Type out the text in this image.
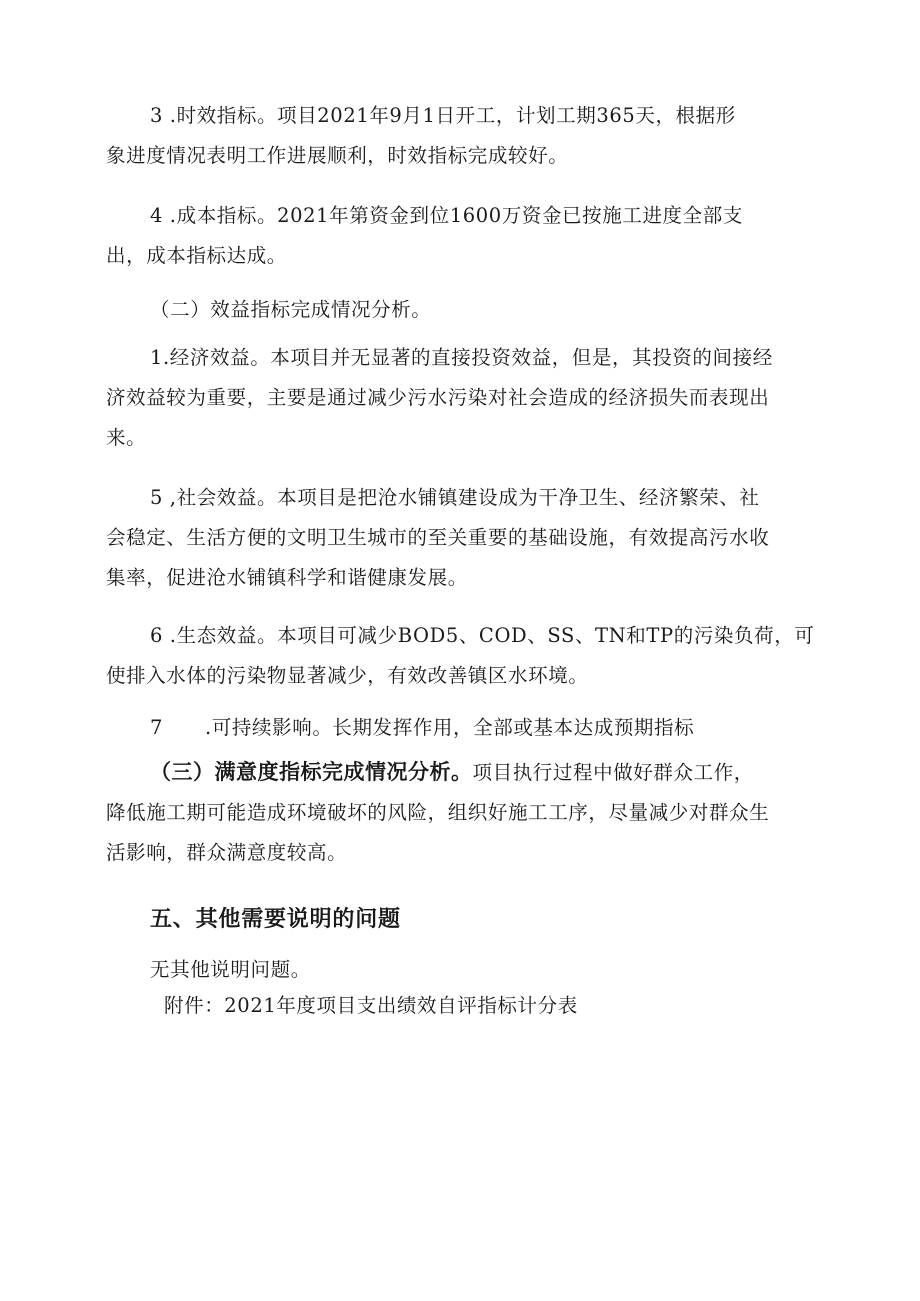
3 .时效指标。项目2021年9月1日开工，计划工期365天，根据形
象进度情况表明工作进展顺利，时效指标完成较好。

4 .成本指标。2021年第资金到位1600万资金已按施工进度全部支
出，成本指标达成。

（二）效益指标完成情况分析。

1.经济效益。本项目并无显著的直接投资效益，但是，其投资的间接经
济效益较为重要，主要是通过减少污水污染对社会造成的经济损失而表现出
来。

5 ,社会效益。本项目是把沧水铺镇建设成为干净卫生、经济繁荣、社
会稳定、生活方便的文明卫生城市的至关重要的基础设施，有效提高污水收
集率，促进沧水铺镇科学和谐健康发展。

6 .生态效益。本项目可减少BOD5、COD、SS、TN和TP的污染负荷，可
使排入水体的污染物显著减少，有效改善镇区水环境。

7 .可持续影响。长期发挥作用，全部或基本达成预期指标

（三）满意度指标完成情况分析。项目执行过程中做好群众工作，
降低施工期可能造成环境破坏的风险，组织好施工工序，尽量减少对群众生
活影响，群众满意度较高。

五、其他需要说明的问题

无其他说明问题。

附件：2021年度项目支出绩效自评指标计分表
